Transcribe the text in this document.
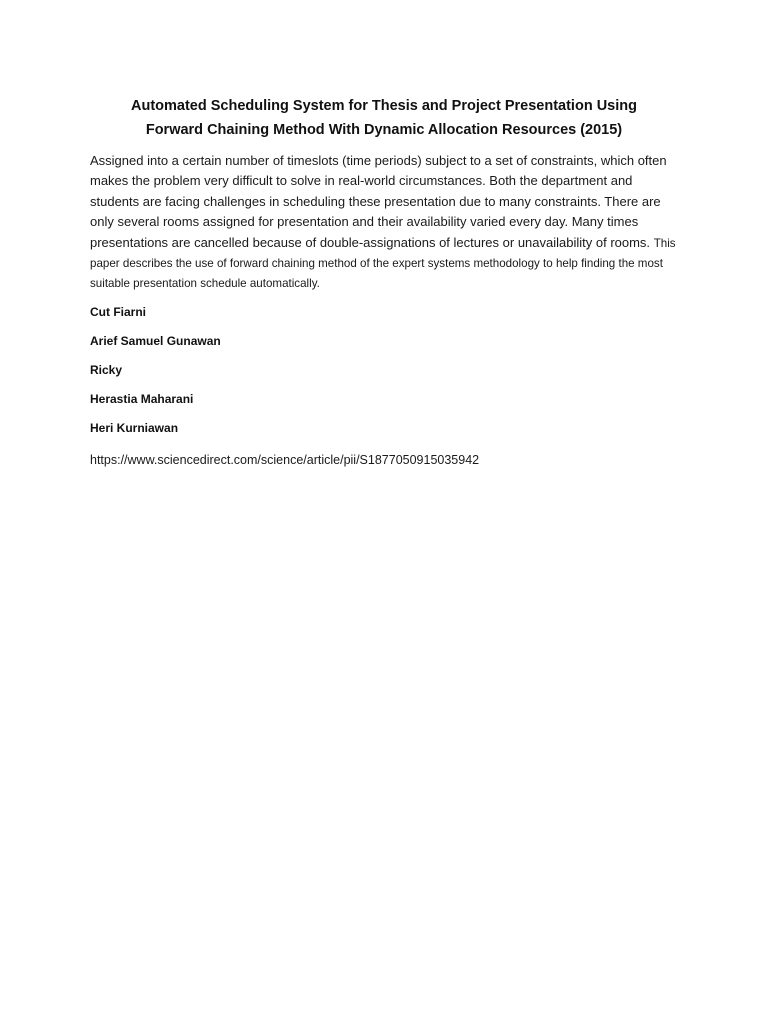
Automated Scheduling System for Thesis and Project Presentation Using
Forward Chaining Method With Dynamic Allocation Resources (2015)

Assigned into a certain number of timeslots (time periods) subject to a set of constraints, which often makes the problem very difficult to solve in real-world circumstances. Both the department and students are facing challenges in scheduling these presentation due to many constraints. There are only several rooms assigned for presentation and their availability varied every day. Many times presentations are cancelled because of double-assignations of lectures or unavailability of rooms. This paper describes the use of forward chaining method of the expert systems methodology to help finding the most suitable presentation schedule automatically.

Cut Fiarni

Arief Samuel Gunawan

Ricky

Herastia Maharani

Heri Kurniawan

https://www.sciencedirect.com/science/article/pii/S1877050915035942
